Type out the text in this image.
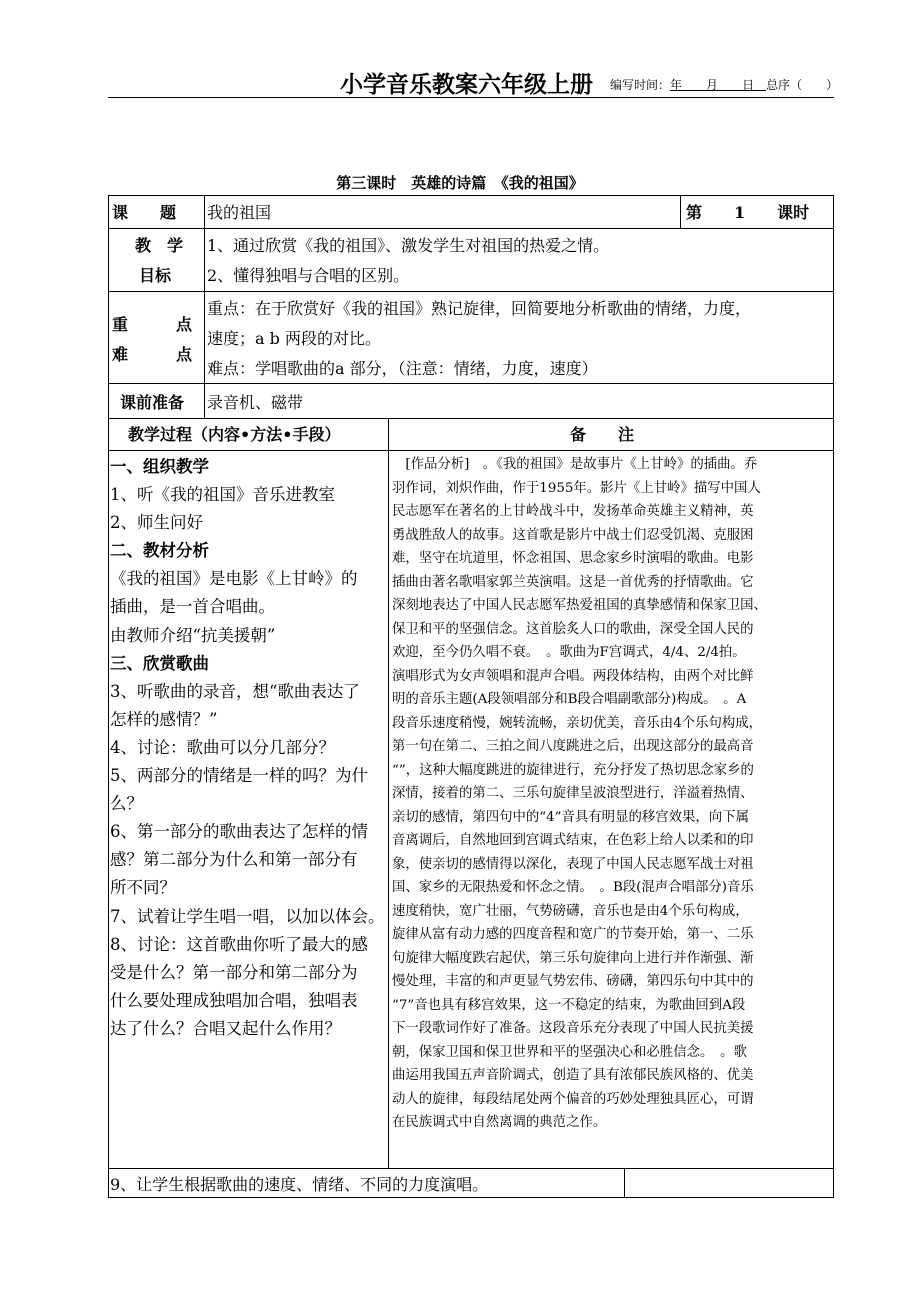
小学音乐教案六年级上册 编写时间：年　　 月　　 日　 总序（　　）
第三课时　英雄的诗篇　《我的祖国》
课　　题 我的祖国	第　　1　　课时
教　学
目标
1、通过欣赏《我的祖国》、激发学生对祖国的热爱之情。
2、懂得独唱与合唱的区别。
重　　　点
难　　　点
重点：在于欣赏好《我的祖国》熟记旋律，回简要地分析歌曲的情绪，力度，
速度；a b 两段的对比。
难点：学唱歌曲的a 部分，（注意：情绪，力度，速度）
课前准备 录音机、磁带
教学过程（内容•方法•手段）	备　　注
一、组织教学
1、听《我的祖国》音乐进教室
2、师生问好
二、教材分析
《我的祖国》是电影《上甘岭》的
插曲，是一首合唱曲。
由教师介绍“抗美援朝”
三、欣赏歌曲
3、听歌曲的录音，想“歌曲表达了
怎样的感情？”
4、讨论：歌曲可以分几部分？
5、两部分的情绪是一样的吗？为什
么？
6、第一部分的歌曲表达了怎样的情
感？第二部分为什么和第一部分有
所不同？
7、试着让学生唱一唱，以加以体会。
8、讨论：这首歌曲你听了最大的感
受是什么？第一部分和第二部分为
什么要处理成独唱加合唱，独唱表
达了什么？合唱又起什么作用？
　[作品分析]　。《我的祖国》是故事片《上甘岭》的插曲。乔
羽作词，刘炽作曲，作于1955年。影片《上甘岭》描写中国人
民志愿军在著名的上甘岭战斗中，发扬革命英雄主义精神，英
勇战胜敌人的故事。这首歌是影片中战士们忍受饥渴、克服困
难，坚守在坑道里，怀念祖国、思念家乡时演唱的歌曲。电影
插曲由著名歌唱家郭兰英演唱。这是一首优秀的抒情歌曲。它
深刻地表达了中国人民志愿军热爱祖国的真挚感情和保家卫国、
保卫和平的坚强信念。这首脍炙人口的歌曲，深受全国人民的
欢迎，至今仍久唱不衰。　。歌曲为F宫调式，4/4、2/4拍。
演唱形式为女声领唱和混声合唱。两段体结构，由两个对比鲜
明的音乐主题(A段领唱部分和B段合唱副歌部分)构成。　。A
段音乐速度稍慢，婉转流畅，亲切优美，音乐由4个乐句构成，
第一句在第二、三拍之间八度跳进之后，出现这部分的最高音
“”，这种大幅度跳进的旋律进行，充分抒发了热切思念家乡的
深情，接着的第二、三乐句旋律呈波浪型进行，洋溢着热情、
亲切的感情，第四句中的“4”音具有明显的移宫效果，向下属
音离调后，自然地回到宫调式结束，在色彩上给人以柔和的印
象，使亲切的感情得以深化，表现了中国人民志愿军战士对祖
国、家乡的无限热爱和怀念之情。　。B段(混声合唱部分)音乐
速度稍快，宽广壮丽，气势磅礴，音乐也是由4个乐句构成，
旋律从富有动力感的四度音程和宽广的节奏开始，第一、二乐
句旋律大幅度跌宕起伏，第三乐句旋律向上进行并作渐强、渐
慢处理，丰富的和声更显气势宏伟、磅礴，第四乐句中其中的
“7”音也具有移宫效果，这一不稳定的结束，为歌曲回到A段
下一段歌词作好了准备。这段音乐充分表现了中国人民抗美援
朝，保家卫国和保卫世界和平的坚强决心和必胜信念。　。歌
曲运用我国五声音阶调式，创造了具有浓郁民族风格的、优美
动人的旋律，每段结尾处两个偏音的巧妙处理独具匠心，可谓
在民族调式中自然离调的典范之作。
9、让学生根据歌曲的速度、情绪、不同的力度演唱。
